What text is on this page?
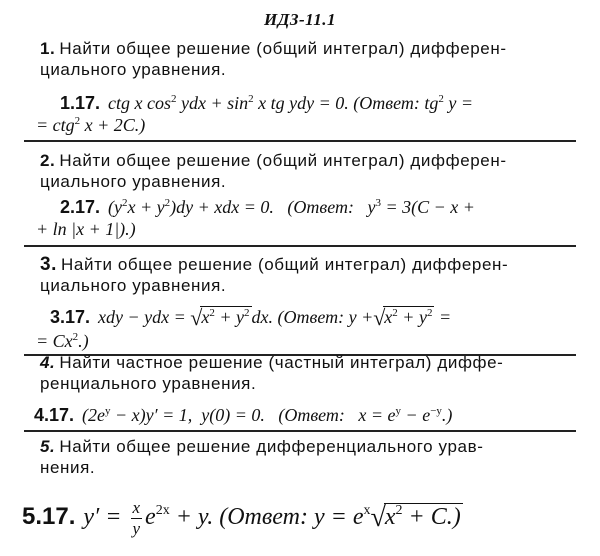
ИДЗ-11.1
1. Найти общее решение (общий интеграл) дифферен-
циального уравнения.
1.17. ctg x $\cos^2$ ydx + $\sin^2 x$ tg ydy = 0. (Ответ: $tg^2$ y =
= ctg$^2$ x + 2C.)
2. Найти общее решение (общий интеграл) дифферен-
циального уравнения.
2.17. $(y^2x + y^2)dy$ + xdx = 0. (Ответ: $y^3 = 3(C - x$ +
+ ln |x + 1|).)
3. Найти общее решение (общий интеграл) дифферен-
циального уравнения.
3.17. xdy − ydx = $√x^2 + y^2$ dx. (Ответ: $y +√x^2 + y^2$ =
= $Cx^2$.)
4. Найти частное решение (частный интеграл) диффе-
ренциального уравнения.
4.17. $(2e^y - x)y' = 1$, y(0) = 0. (Ответ: $x = e^y - e^{-y}$.)
5. Найти общее решение дифференциального урав-
нения.
5.17. $y' = \frac{x}{y} e^{2x} + y$. (Ответ: $y = e^x√x^2 + C$.)
